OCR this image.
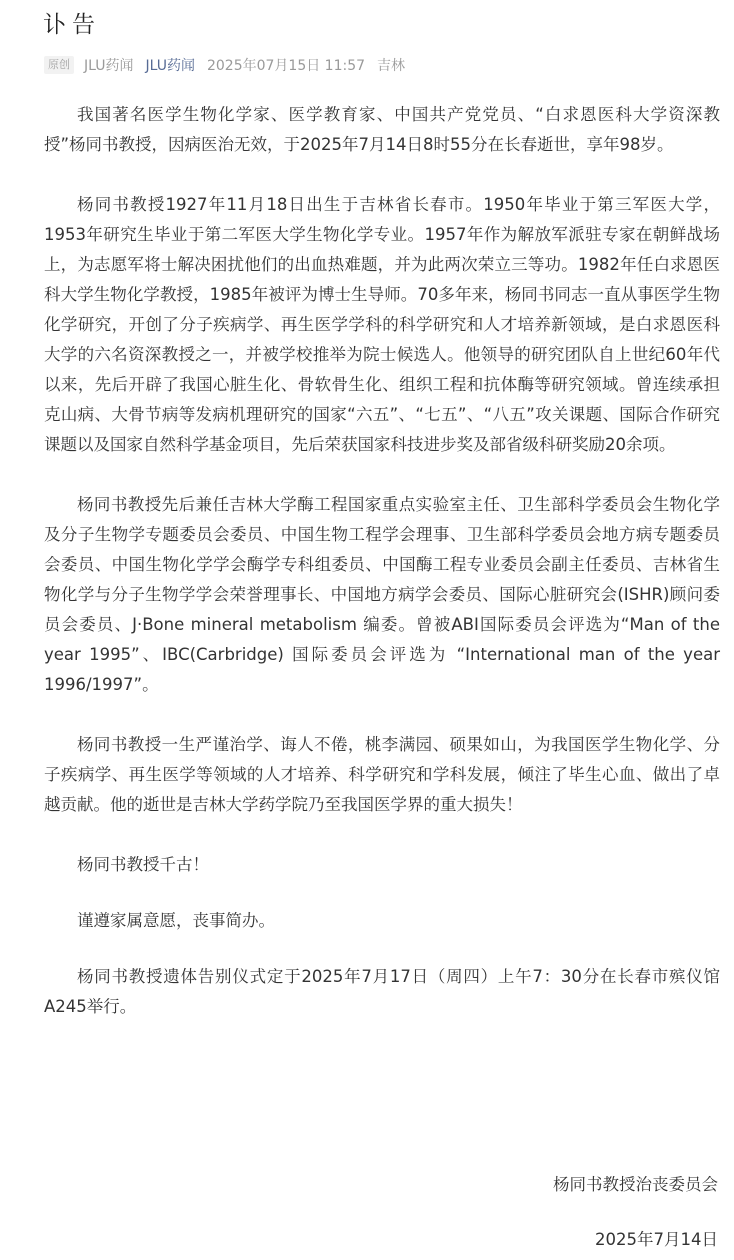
讣告
原创 JLU药闻 JLU药闻 2025年07月15日 11:57 吉林

我国著名医学生物化学家、医学教育家、中国共产党党员、“白求恩医科大学资深教授”杨同书教授，因病医治无效，于2025年7月14日8时55分在长春逝世，享年98岁。

杨同书教授1927年11月18日出生于吉林省长春市。1950年毕业于第三军医大学，1953年研究生毕业于第二军医大学生物化学专业。1957年作为解放军派驻专家在朝鲜战场上，为志愿军将士解决困扰他们的出血热难题，并为此两次荣立三等功。1982年任白求恩医科大学生物化学教授，1985年被评为博士生导师。70多年来，杨同书同志一直从事医学生物化学研究，开创了分子疾病学、再生医学学科的科学研究和人才培养新领域，是白求恩医科大学的六名资深教授之一，并被学校推举为院士候选人。他领导的研究团队自上世纪60年代以来，先后开辟了我国心脏生化、骨软骨生化、组织工程和抗体酶等研究领域。曾连续承担克山病、大骨节病等发病机理研究的国家“六五”、“七五”、“八五”攻关课题、国际合作研究课题以及国家自然科学基金项目，先后荣获国家科技进步奖及部省级科研奖励20余项。

杨同书教授先后兼任吉林大学酶工程国家重点实验室主任、卫生部科学委员会生物化学及分子生物学专题委员会委员、中国生物工程学会理事、卫生部科学委员会地方病专题委员会委员、中国生物化学学会酶学专科组委员、中国酶工程专业委员会副主任委员、吉林省生物化学与分子生物学学会荣誉理事长、中国地方病学会委员、国际心脏研究会(ISHR)顾问委员会委员、J·Bone mineral metabolism 编委。曾被ABI国际委员会评选为“Man of the year 1995”、IBC(Carbridge) 国际委员会评选为 “International man of the year 1996/1997”。

杨同书教授一生严谨治学、诲人不倦，桃李满园、硕果如山，为我国医学生物化学、分子疾病学、再生医学等领域的人才培养、科学研究和学科发展，倾注了毕生心血、做出了卓越贡献。他的逝世是吉林大学药学院乃至我国医学界的重大损失！

杨同书教授千古！

谨遵家属意愿，丧事简办。

杨同书教授遗体告别仪式定于2025年7月17日（周四）上午7：30分在长春市殡仪馆A245举行。

杨同书教授治丧委员会
2025年7月14日
